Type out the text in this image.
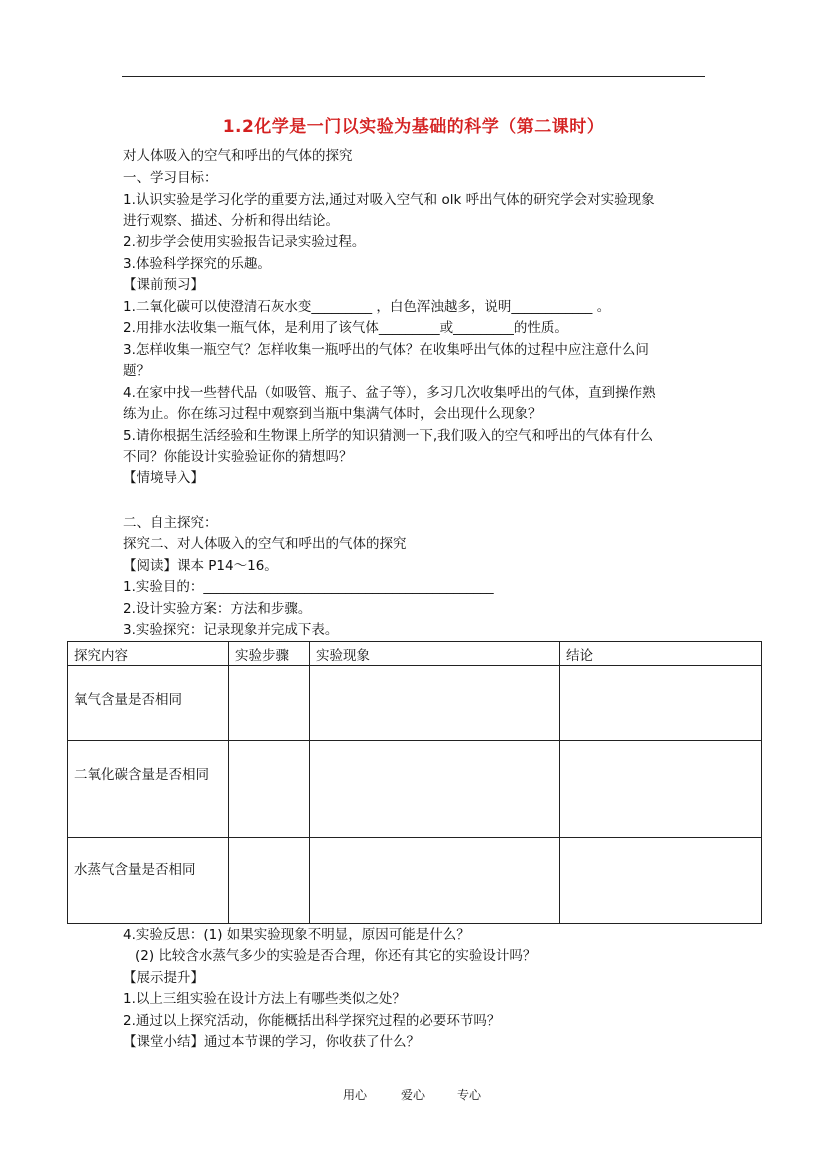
1.2化学是一门以实验为基础的科学（第二课时）
对人体吸入的空气和呼出的气体的探究
一、学习目标：
1.认识实验是学习化学的重要方法,通过对吸入空气和 olk 呼出气体的研究学会对实验现象
进行观察、描述、分析和得出结论。
2.初步学会使用实验报告记录实验过程。
3.体验科学探究的乐趣。
【课前预习】
1.二氧化碳可以使澄清石灰水变_________ ，白色浑浊越多，说明____________ 。
2.用排水法收集一瓶气体，是利用了该气体_________或_________的性质。
3.怎样收集一瓶空气？怎样收集一瓶呼出的气体？在收集呼出气体的过程中应注意什么问
题？
4.在家中找一些替代品（如吸管、瓶子、盆子等），多习几次收集呼出的气体，直到操作熟
练为止。你在练习过程中观察到当瓶中集满气体时，会出现什么现象？
5.请你根据生活经验和生物课上所学的知识猜测一下,我们吸入的空气和呼出的气体有什么
不同？你能设计实验验证你的猜想吗？
【情境导入】
二、自主探究：
探究二、对人体吸入的空气和呼出的气体的探究
【阅读】课本 P14～16。
1.实验目的：___________________________________________
2.设计实验方案：方法和步骤。
3.实验探究：记录现象并完成下表。
探究内容	实验步骤	实验现象	结论
氧气含量是否相同			
二氧化碳含量是否相同			
水蒸气含量是否相同			
4.实验反思：(1) 如果实验现象不明显，原因可能是什么？
(2) 比较含水蒸气多少的实验是否合理，你还有其它的实验设计吗？
【展示提升】
1.以上三组实验在设计方法上有哪些类似之处？
2.通过以上探究活动，你能概括出科学探究过程的必要环节吗？
【课堂小结】通过本节课的学习，你收获了什么？
用心	爱心	专心
